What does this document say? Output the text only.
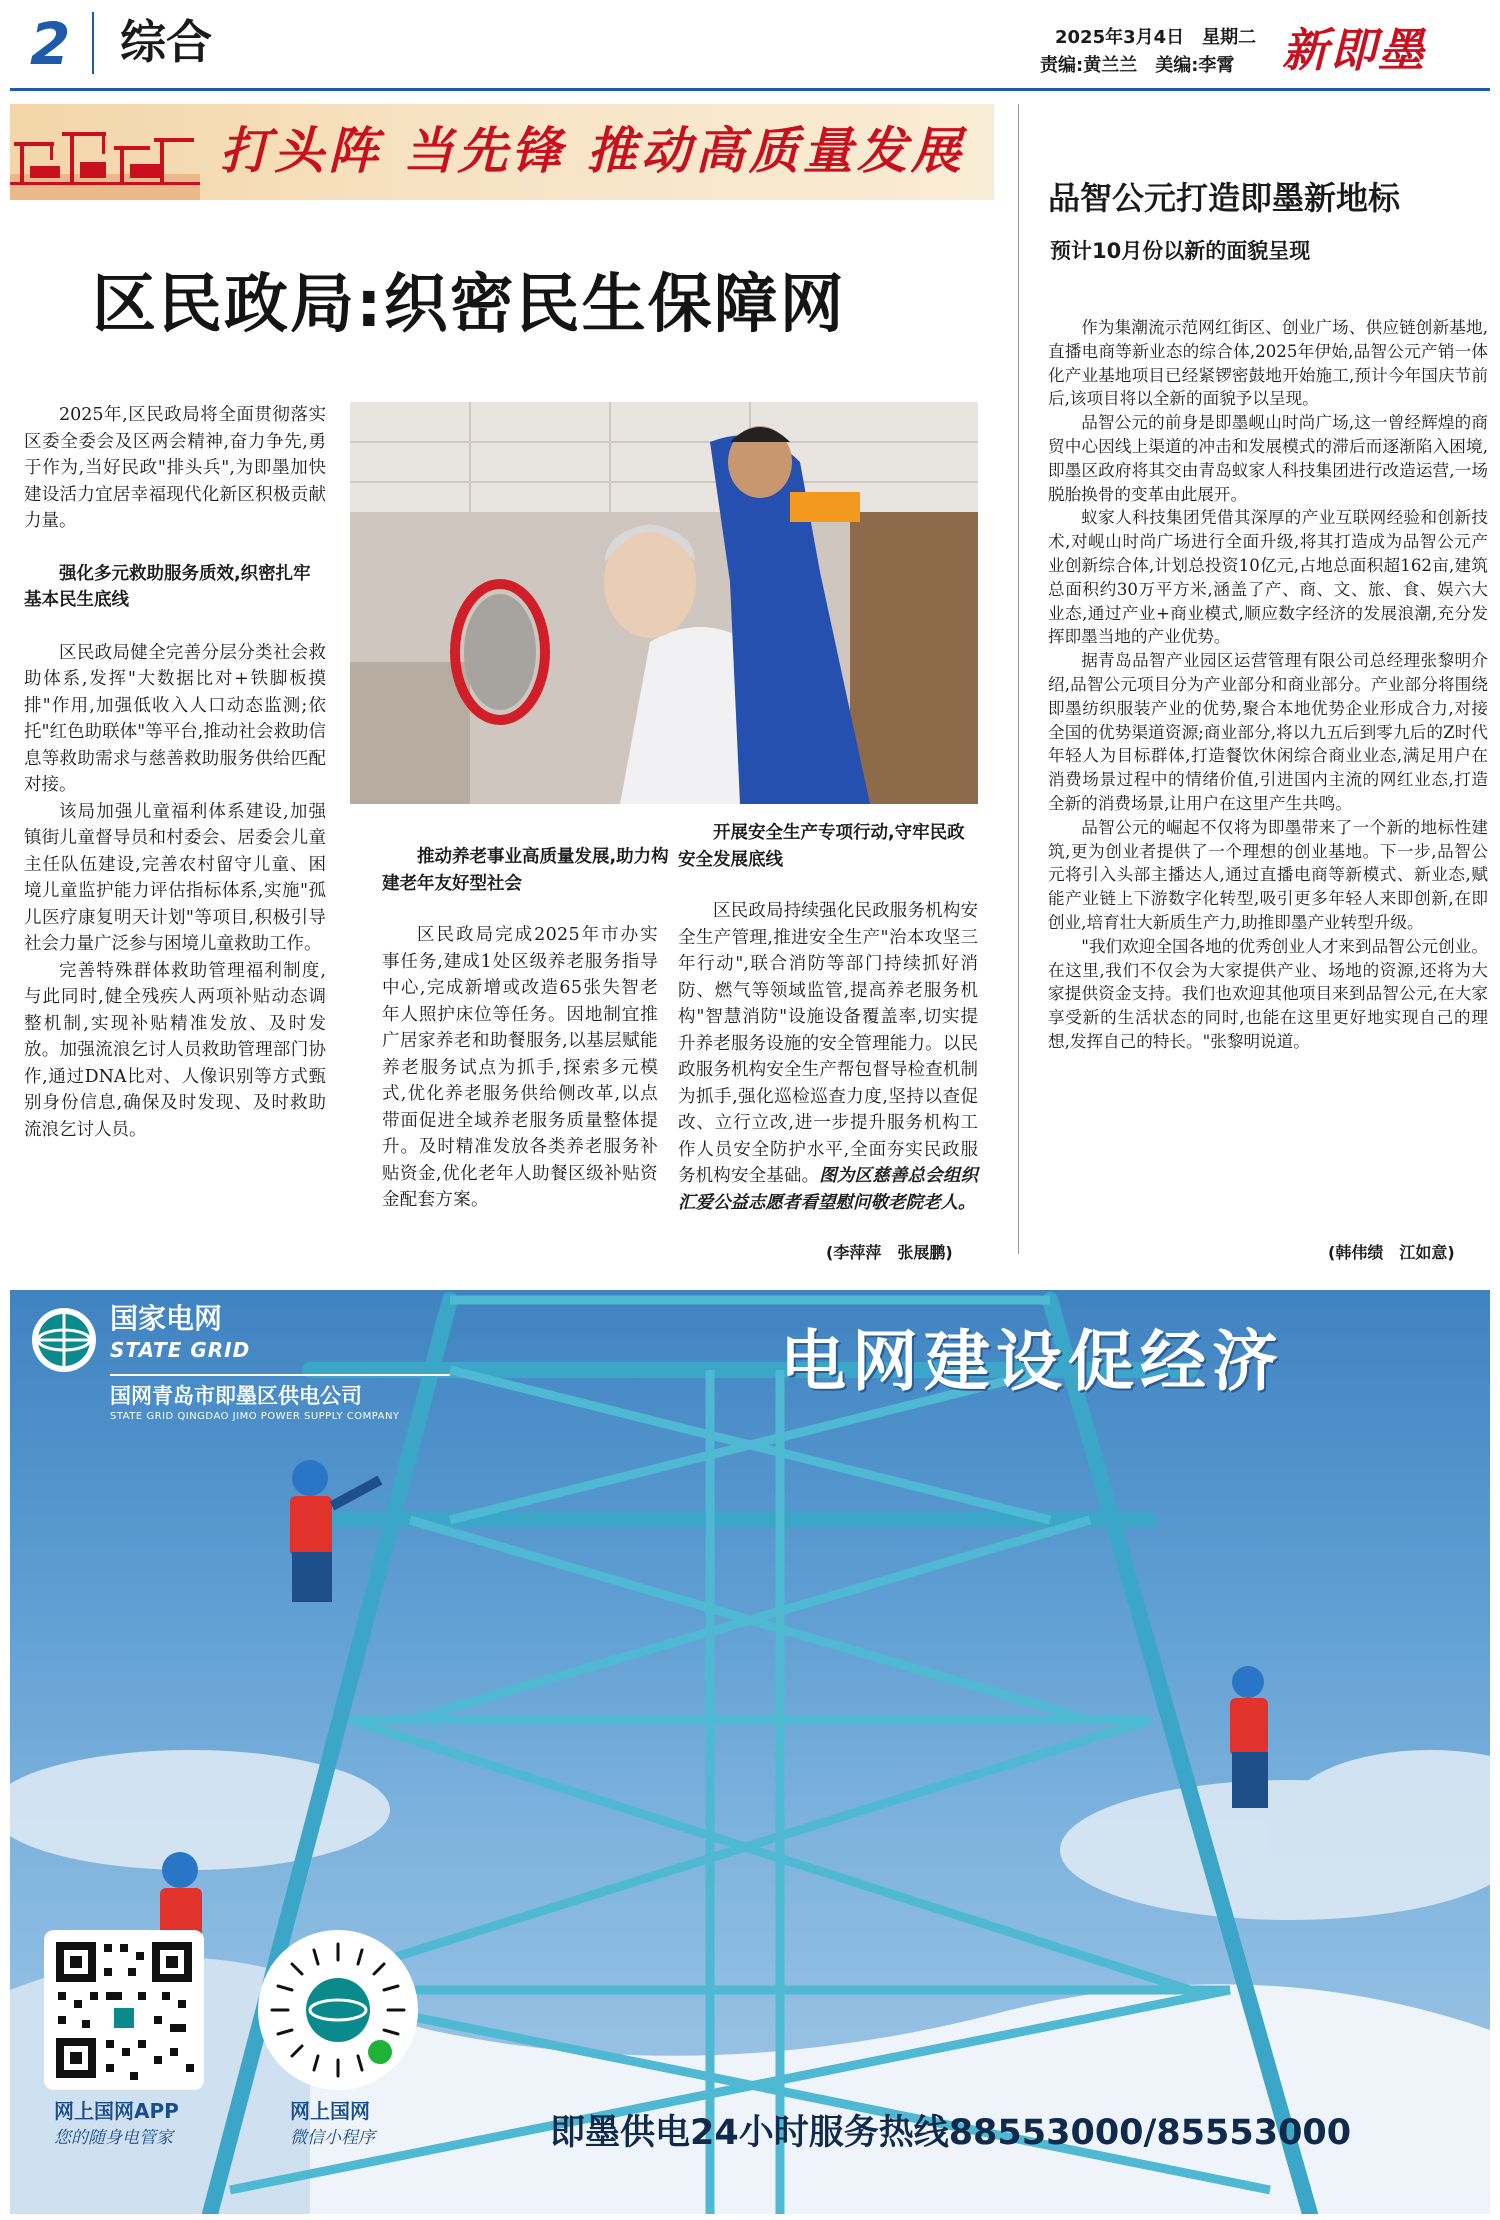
2 综合	2025年3月4日　星期二
责编:黄兰兰　美编:李霄 新即墨
打头阵 当先锋 推动高质量发展
区民政局:织密民生保障网

2025年,区民政局将全面贯彻落实区委全委会及区两会精神,奋力争先,勇于作为,当好民政"排头兵",为即墨加快建设活力宜居幸福现代化新区积极贡献力量。

强化多元救助服务质效,织密扎牢基本民生底线

区民政局健全完善分层分类社会救助体系,发挥"大数据比对+铁脚板摸排"作用,加强低收入人口动态监测;依托"红色助联体"等平台,推动社会救助信息等救助需求与慈善救助服务供给匹配对接。

该局加强儿童福利体系建设,加强镇街儿童督导员和村委会、居委会儿童主任队伍建设,完善农村留守儿童、困境儿童监护能力评估指标体系,实施"孤儿医疗康复明天计划"等项目,积极引导社会力量广泛参与困境儿童救助工作。

完善特殊群体救助管理福利制度,与此同时,健全残疾人两项补贴动态调整机制,实现补贴精准发放、及时发放。加强流浪乞讨人员救助管理部门协作,通过DNA比对、人像识别等方式甄别身份信息,确保及时发现、及时救助流浪乞讨人员。

推动养老事业高质量发展,助力构建老年友好型社会

开展安全生产专项行动,守牢民政安全发展底线

区民政局完成2025年市办实事任务,建成1处区级养老服务指导中心,完成新增或改造65张失智老年人照护床位等任务。因地制宜推广居家养老和助餐服务,以基层赋能养老服务试点为抓手,探索多元模式,优化养老服务供给侧改革,以点带面促进全域养老服务质量整体提升。及时精准发放各类养老服务补贴资金,优化老年人助餐区级补贴资金配套方案。

区民政局持续强化民政服务机构安全生产管理,推进安全生产"治本攻坚三年行动",联合消防等部门持续抓好消防、燃气等领域监管,提高养老服务机构"智慧消防"设施设备覆盖率,切实提升养老服务设施的安全管理能力。以民政服务机构安全生产帮包督导检查机制为抓手,强化巡检巡查力度,坚持以查促改、立行立改,进一步提升服务机构工作人员安全防护水平,全面夯实民政服务机构安全基础。图为区慈善总会组织汇爱公益志愿者看望慰问敬老院老人。

(李萍萍　张展鹏)
品智公元打造即墨新地标
预计10月份以新的面貌呈现

作为集潮流示范网红街区、创业广场、供应链创新基地,直播电商等新业态的综合体,2025年伊始,品智公元产销一体化产业基地项目已经紧锣密鼓地开始施工,预计今年国庆节前后,该项目将以全新的面貌予以呈现。

品智公元的前身是即墨岘山时尚广场,这一曾经辉煌的商贸中心因线上渠道的冲击和发展模式的滞后而逐渐陷入困境,即墨区政府将其交由青岛蚁家人科技集团进行改造运营,一场脱胎换骨的变革由此展开。

蚁家人科技集团凭借其深厚的产业互联网经验和创新技术,对岘山时尚广场进行全面升级,将其打造成为品智公元产业创新综合体,计划总投资10亿元,占地总面积超162亩,建筑总面积约30万平方米,涵盖了产、商、文、旅、食、娱六大业态,通过产业+商业模式,顺应数字经济的发展浪潮,充分发挥即墨当地的产业优势。

据青岛品智产业园区运营管理有限公司总经理张黎明介绍,品智公元项目分为产业部分和商业部分。产业部分将围绕即墨纺织服装产业的优势,聚合本地优势企业形成合力,对接全国的优势渠道资源;商业部分,将以九五后到零九后的Z时代年轻人为目标群体,打造餐饮休闲综合商业业态,满足用户在消费场景过程中的情绪价值,引进国内主流的网红业态,打造全新的消费场景,让用户在这里产生共鸣。

品智公元的崛起不仅将为即墨带来了一个新的地标性建筑,更为创业者提供了一个理想的创业基地。下一步,品智公元将引入头部主播达人,通过直播电商等新模式、新业态,赋能产业链上下游数字化转型,吸引更多年轻人来即创新,在即创业,培育壮大新质生产力,助推即墨产业转型升级。

"我们欢迎全国各地的优秀创业人才来到品智公元创业。在这里,我们不仅会为大家提供产业、场地的资源,还将为大家提供资金支持。我们也欢迎其他项目来到品智公元,在大家享受新的生活状态的同时,也能在这里更好地实现自己的理想,发挥自己的特长。"张黎明说道。

(韩伟绩　江如意)
国家电网
STATE GRID
国网青岛市即墨区供电公司
STATE GRID QINGDAO JIMO POWER SUPPLY COMPANY
电网建设促经济
网上国网APP
您的随身电管家
网上国网
微信小程序	即墨供电24小时服务热线88553000/85553000
